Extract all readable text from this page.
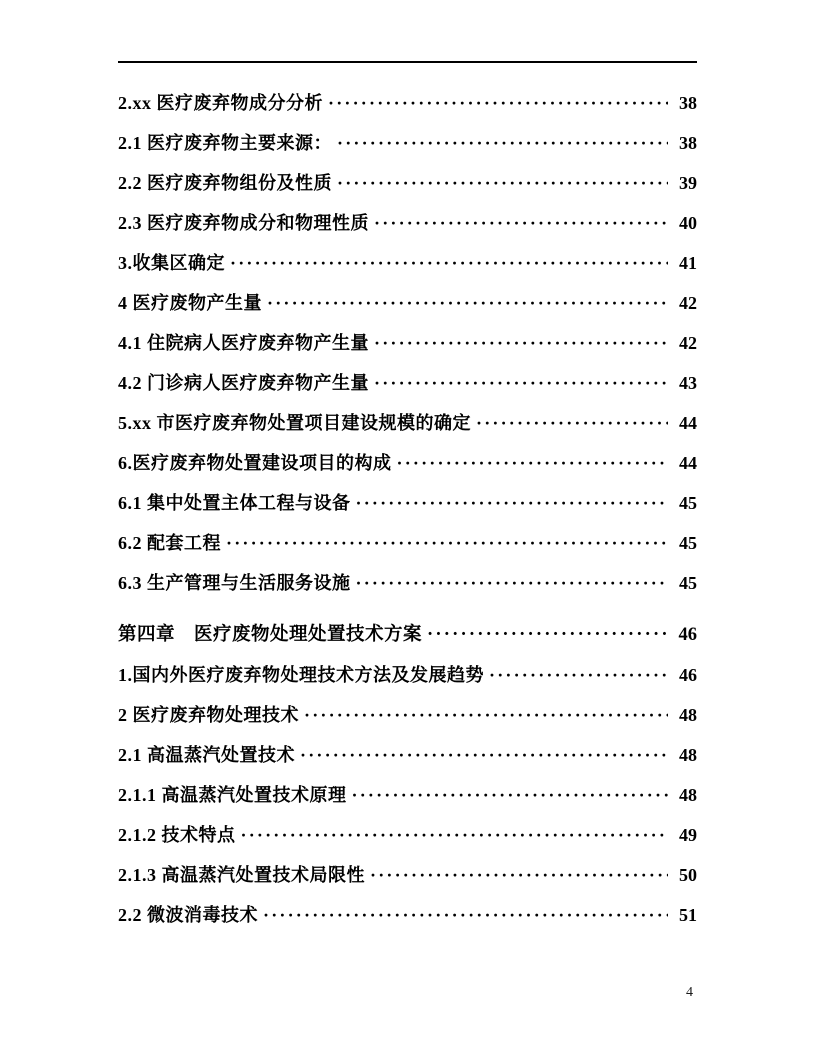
2.xx 医疗废弃物成分分析 ·····	38
2.1 医疗废弃物主要来源： ·····	38
2.2 医疗废弃物组份及性质 ·····	39
2.3 医疗废弃物成分和物理性质 ·····	40
3.收集区确定 ·····	41
4 医疗废物产生量 ·····	42
4.1 住院病人医疗废弃物产生量 ·····	42
4.2 门诊病人医疗废弃物产生量 ·····	43
5.xx 市医疗废弃物处置项目建设规模的确定 ·····	44
6.医疗废弃物处置建设项目的构成 ·····	44
6.1 集中处置主体工程与设备 ·····	45
6.2 配套工程 ·····	45
6.3 生产管理与生活服务设施 ·····	45
第四章　医疗废物处理处置技术方案 ·····	46
1.国内外医疗废弃物处理技术方法及发展趋势 ·····	46
2 医疗废弃物处理技术 ·····	48
2.1 高温蒸汽处置技术 ·····	48
2.1.1 高温蒸汽处置技术原理 ·····	48
2.1.2 技术特点 ·····	49
2.1.3 高温蒸汽处置技术局限性 ·····	50
2.2 微波消毒技术 ·····	51
4
